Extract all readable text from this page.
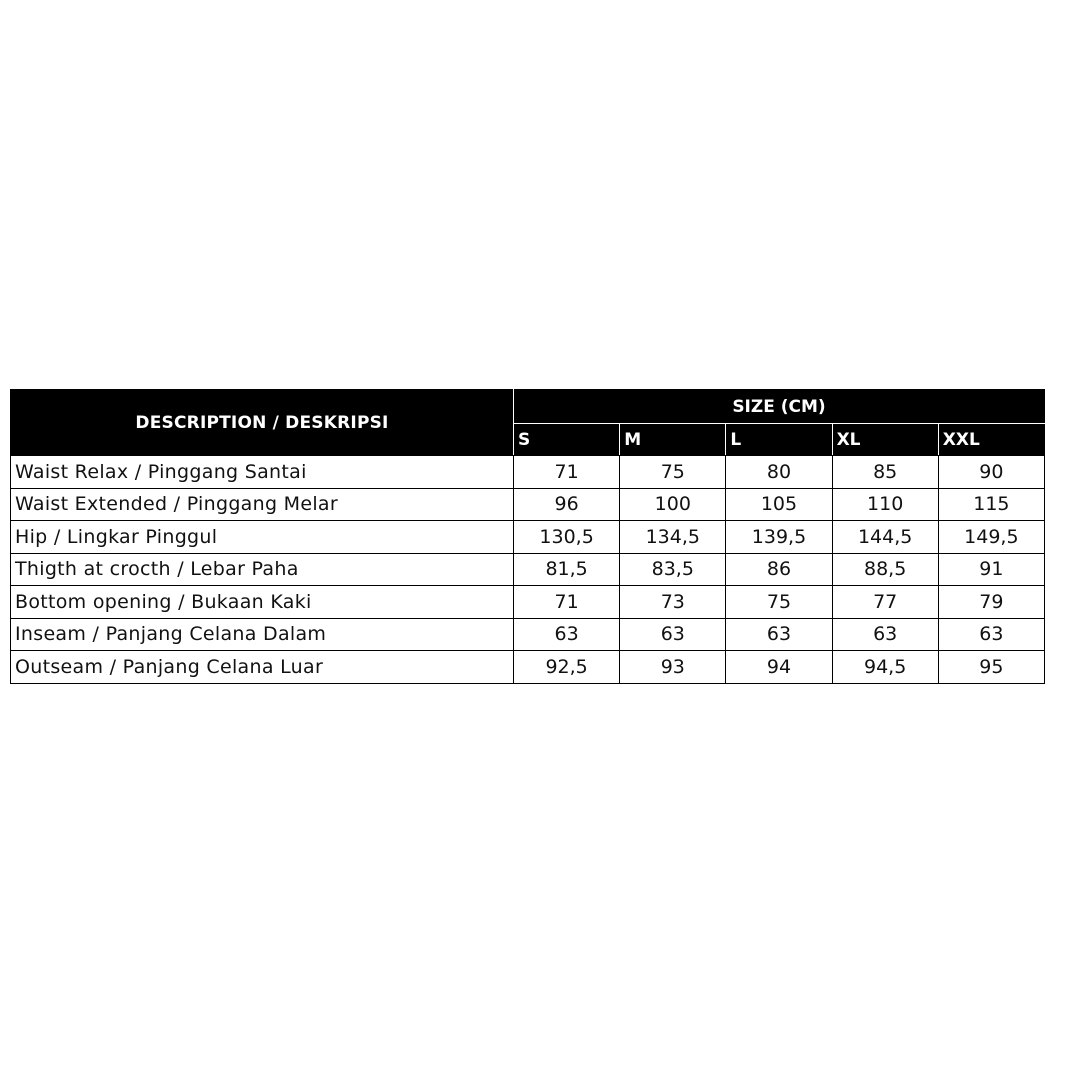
DESCRIPTION / DESKRIPSI	SIZE (CM)				
	S	M	L	XL	XXL
Waist Relax / Pinggang Santai	71	75	80	85	90
Waist Extended / Pinggang Melar	96	100	105	110	115
Hip / Lingkar Pinggul	130,5	134,5	139,5	144,5	149,5
Thigth at crocth / Lebar Paha	81,5	83,5	86	88,5	91
Bottom opening / Bukaan Kaki	71	73	75	77	79
Inseam / Panjang Celana Dalam	63	63	63	63	63
Outseam / Panjang Celana Luar	92,5	93	94	94,5	95
